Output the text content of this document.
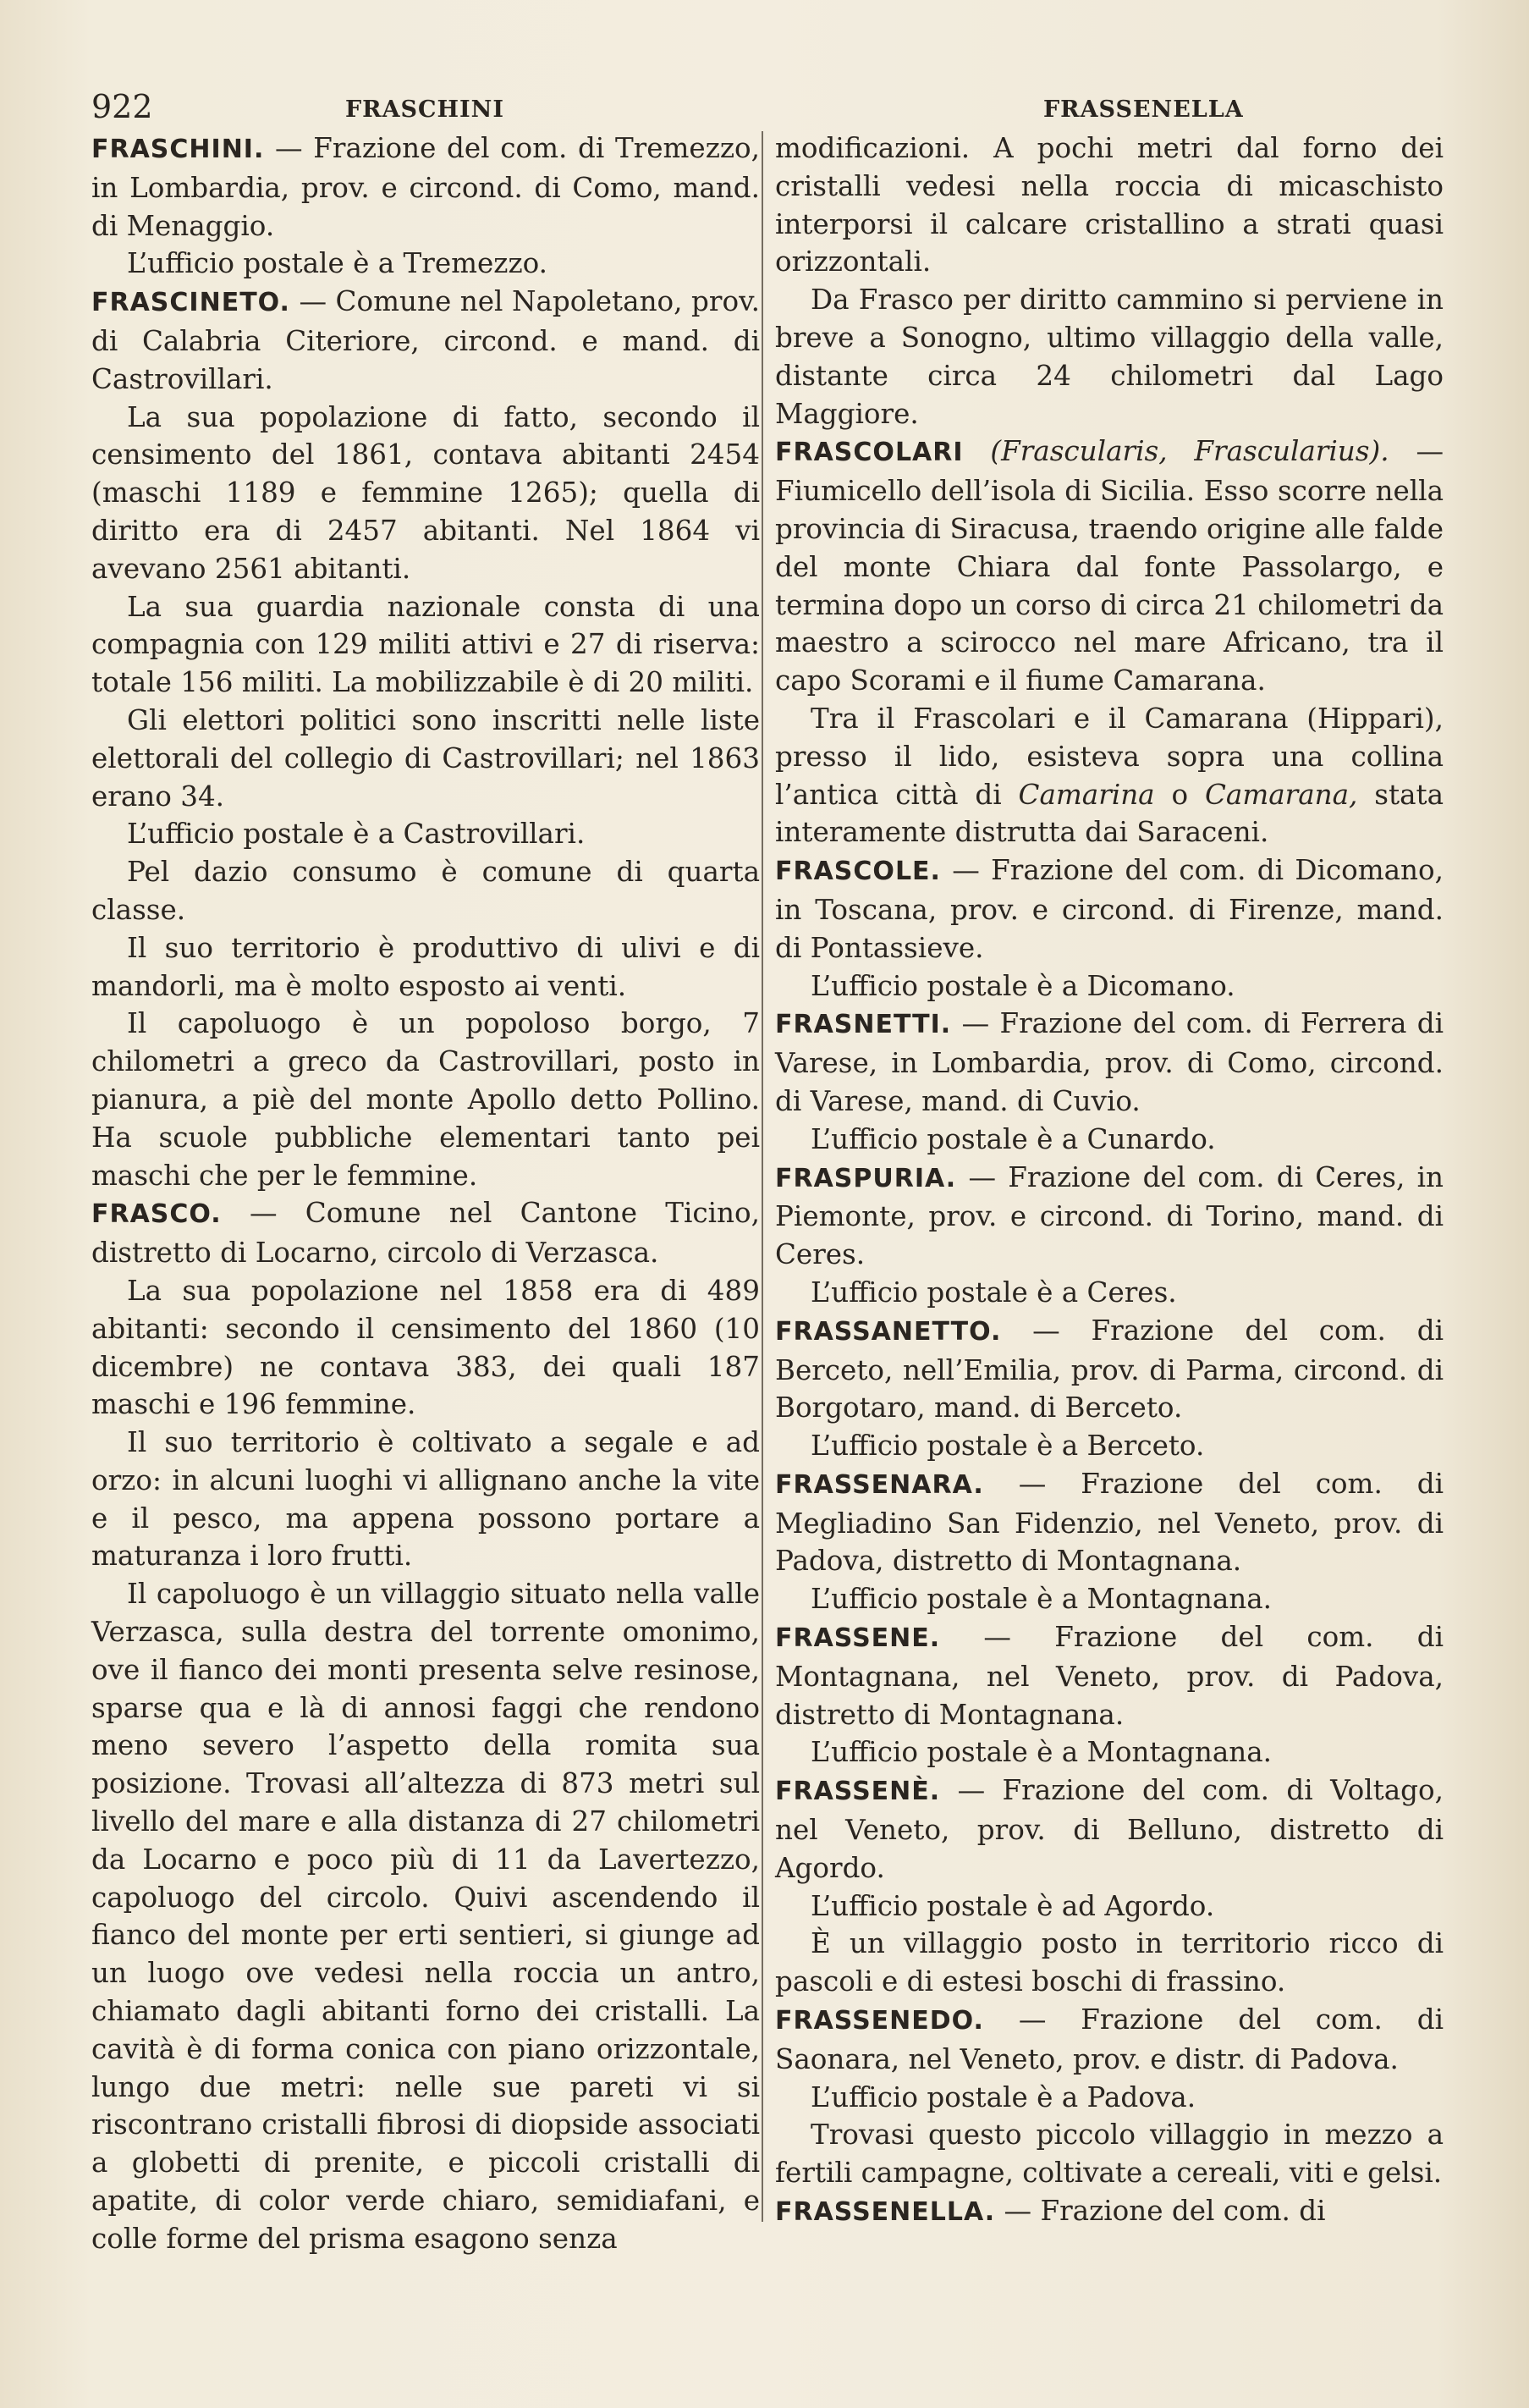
922	FRASCHINI	FRASSENELLA

FRASCHINI. — Frazione del com. di Tremezzo, in Lombardia, prov. e circond. di Como, mand. di Menaggio.

L’ufficio postale è a Tremezzo.

FRASCINETO. — Comune nel Napoletano, prov. di Calabria Citeriore, circond. e mand. di Castrovillari.

La sua popolazione di fatto, secondo il censimento del 1861, contava abitanti 2454 (maschi 1189 e femmine 1265); quella di diritto era di 2457 abitanti. Nel 1864 vi avevano 2561 abitanti.

La sua guardia nazionale consta di una compagnia con 129 militi attivi e 27 di riserva: totale 156 militi. La mobilizzabile è di 20 militi.

Gli elettori politici sono inscritti nelle liste elettorali del collegio di Castrovillari; nel 1863 erano 34.

L’ufficio postale è a Castrovillari.

Pel dazio consumo è comune di quarta classe.

Il suo territorio è produttivo di ulivi e di mandorli, ma è molto esposto ai venti.

Il capoluogo è un popoloso borgo, 7 chilometri a greco da Castrovillari, posto in pianura, a piè del monte Apollo detto Pollino. Ha scuole pubbliche elementari tanto pei maschi che per le femmine.

FRASCO. — Comune nel Cantone Ticino, distretto di Locarno, circolo di Verzasca.

La sua popolazione nel 1858 era di 489 abitanti: secondo il censimento del 1860 (10 dicembre) ne contava 383, dei quali 187 maschi e 196 femmine.

Il suo territorio è coltivato a segale e ad orzo: in alcuni luoghi vi allignano anche la vite e il pesco, ma appena possono portare a maturanza i loro frutti.

Il capoluogo è un villaggio situato nella valle Verzasca, sulla destra del torrente omonimo, ove il fianco dei monti presenta selve resinose, sparse qua e là di annosi faggi che rendono meno severo l’aspetto della romita sua posizione. Trovasi all’altezza di 873 metri sul livello del mare e alla distanza di 27 chilometri da Locarno e poco più di 11 da Lavertezzo, capoluogo del circolo. Quivi ascendendo il fianco del monte per erti sentieri, si giunge ad un luogo ove vedesi nella roccia un antro, chiamato dagli abitanti forno dei cristalli. La cavità è di forma conica con piano orizzontale, lungo due metri: nelle sue pareti vi si riscontrano cristalli fibrosi di diopside associati a globetti di prenite, e piccoli cristalli di apatite, di color verde chiaro, semidiafani, e colle forme del prisma esagono senza

modificazioni. A pochi metri dal forno dei cristalli vedesi nella roccia di micaschisto interporsi il calcare cristallino a strati quasi orizzontali.

Da Frasco per diritto cammino si perviene in breve a Sonogno, ultimo villaggio della valle, distante circa 24 chilometri dal Lago Maggiore.

FRASCOLARI (Frascularis, Frascularius). — Fiumicello dell’isola di Sicilia. Esso scorre nella provincia di Siracusa, traendo origine alle falde del monte Chiara dal fonte Passolargo, e termina dopo un corso di circa 21 chilometri da maestro a scirocco nel mare Africano, tra il capo Scorami e il fiume Camarana.

Tra il Frascolari e il Camarana (Hippari), presso il lido, esisteva sopra una collina l’antica città di Camarina o Camarana, stata interamente distrutta dai Saraceni.

FRASCOLE. — Frazione del com. di Dicomano, in Toscana, prov. e circond. di Firenze, mand. di Pontassieve.

L’ufficio postale è a Dicomano.

FRASNETTI. — Frazione del com. di Ferrera di Varese, in Lombardia, prov. di Como, circond. di Varese, mand. di Cuvio.

L’ufficio postale è a Cunardo.

FRASPURIA. — Frazione del com. di Ceres, in Piemonte, prov. e circond. di Torino, mand. di Ceres.

L’ufficio postale è a Ceres.

FRASSANETTO. — Frazione del com. di Berceto, nell’Emilia, prov. di Parma, circond. di Borgotaro, mand. di Berceto.

L’ufficio postale è a Berceto.

FRASSENARA. — Frazione del com. di Megliadino San Fidenzio, nel Veneto, prov. di Padova, distretto di Montagnana.

L’ufficio postale è a Montagnana.

FRASSENE. — Frazione del com. di Montagnana, nel Veneto, prov. di Padova, distretto di Montagnana.

L’ufficio postale è a Montagnana.

FRASSENÈ. — Frazione del com. di Voltago, nel Veneto, prov. di Belluno, distretto di Agordo.

L’ufficio postale è ad Agordo.

È un villaggio posto in territorio ricco di pascoli e di estesi boschi di frassino.

FRASSENEDO. — Frazione del com. di Saonara, nel Veneto, prov. e distr. di Padova.

L’ufficio postale è a Padova.

Trovasi questo piccolo villaggio in mezzo a fertili campagne, coltivate a cereali, viti e gelsi.

FRASSENELLA. — Frazione del com. di
